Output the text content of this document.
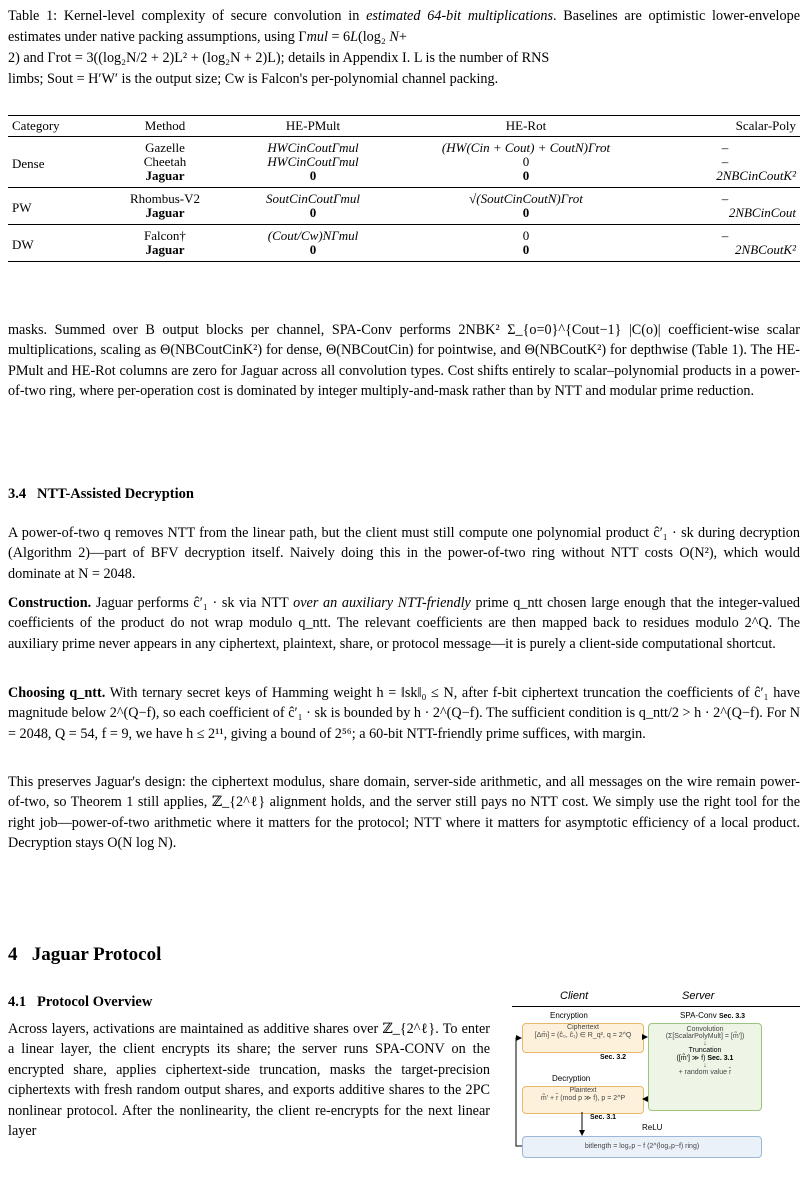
Table 1: Kernel-level complexity of secure convolution in estimated 64-bit multiplications. Baselines are optimistic lower-envelope estimates under native packing assumptions, using Γmul = 6L(log₂ N+
2) and Γrot = 3((log₂N/2 + 2)L² + (log₂N + 2)L); details in Appendix I. L is the number of RNS
limbs; Sout = H′W′ is the output size; Cw is Falcon's per-polynomial channel packing.
Category	Method	HE-PMult	HE-Rot	Scalar-Poly
Dense	Gazelle	HWCinCoutΓmul	(HW(Cin + Cout) + CoutN)Γrot	–
	Cheetah	HWCinCoutΓmul	0	–
	Jaguar	0	0	2NBCinCoutK²
PW	Rhombus-V2	SoutCinCoutΓmul	√(SoutCinCoutN)Γrot	–
	Jaguar	0	0	2NBCinCout
DW	Falcon†	(Cout/Cw)NΓmul	0	–
	Jaguar	0	0	2NBCoutK²
masks. Summed over B output blocks per channel, SPA-Conv performs 2NBK² Σ_{o=0}^{Cout−1} |C(o)| coefficient-wise scalar multiplications, scaling as Θ(NBCoutCinK²) for dense, Θ(NBCoutCin) for pointwise, and Θ(NBCoutK²) for depthwise (Table 1). The HE-PMult and HE-Rot columns are zero for Jaguar across all convolution types. Cost shifts entirely to scalar–polynomial products in a power-of-two ring, where per-operation cost is dominated by integer multiply-and-mask rather than by NTT and modular prime reduction.
3.4 NTT-Assisted Decryption
A power-of-two q removes NTT from the linear path, but the client must still compute one polynomial product ĉ′₁ · sk during decryption (Algorithm 2)—part of BFV decryption itself. Naively doing this in the power-of-two ring without NTT costs O(N²), which would dominate at N = 2048.
Construction. Jaguar performs ĉ′₁ · sk via NTT over an auxiliary NTT-friendly prime q_ntt chosen large enough that the integer-valued coefficients of the product do not wrap modulo q_ntt. The relevant coefficients are then mapped back to residues modulo 2^Q. The auxiliary prime never appears in any ciphertext, plaintext, share, or protocol message—it is purely a client-side computational shortcut.
Choosing q_ntt. With ternary secret keys of Hamming weight h = ‖sk‖₀ ≤ N, after f-bit ciphertext truncation the coefficients of ĉ′₁ have magnitude below 2^(Q−f), so each coefficient of ĉ′₁ · sk is bounded by h · 2^(Q−f). The sufficient condition is q_ntt/2 > h · 2^(Q−f). For N = 2048, Q = 54, f = 9, we have h ≤ 2¹¹, giving a bound of 2⁵⁶; a 60-bit NTT-friendly prime suffices, with margin.
This preserves Jaguar's design: the ciphertext modulus, share domain, server-side arithmetic, and all messages on the wire remain power-of-two, so Theorem 1 still applies, ℤ_{2^ℓ} alignment holds, and the server still pays no NTT cost. We simply use the right tool for the right job—power-of-two arithmetic where it matters for the protocol; NTT where it matters for asymptotic efficiency of a local product. Decryption stays O(N log N).
4 Jaguar Protocol
4.1 Protocol Overview
Across layers, activations are maintained as additive shares over ℤ_{2^ℓ}. To enter a linear layer, the client encrypts its share; the server runs SPA-CONV on the encrypted share, applies ciphertext-side truncation, masks the target-precision ciphertexts with fresh random output shares, and exports additive shares to the 2PC nonlinear protocol. After the nonlinearity, the client re-encrypts for the next linear layer
Client	Server
Encryption	SPA-Conv Sec. 3.3
Ciphertext
[Δm̄] = (ĉ₀, ĉ₁) ∈ R_q², q = 2^Q
Sec. 3.2
Convolution
(Σ[ScalarPolyMult] = [m̃'])
↓
Truncation
([m̃'] ≫ f) Sec. 3.1
↓
+ random value r̂
Decryption
Plaintext
m̃' + r̂ (mod p ≫ f), p = 2^P
Sec. 3.1
ReLU
bitlength = log₂p − f (2^(log₂p−f) ring)
